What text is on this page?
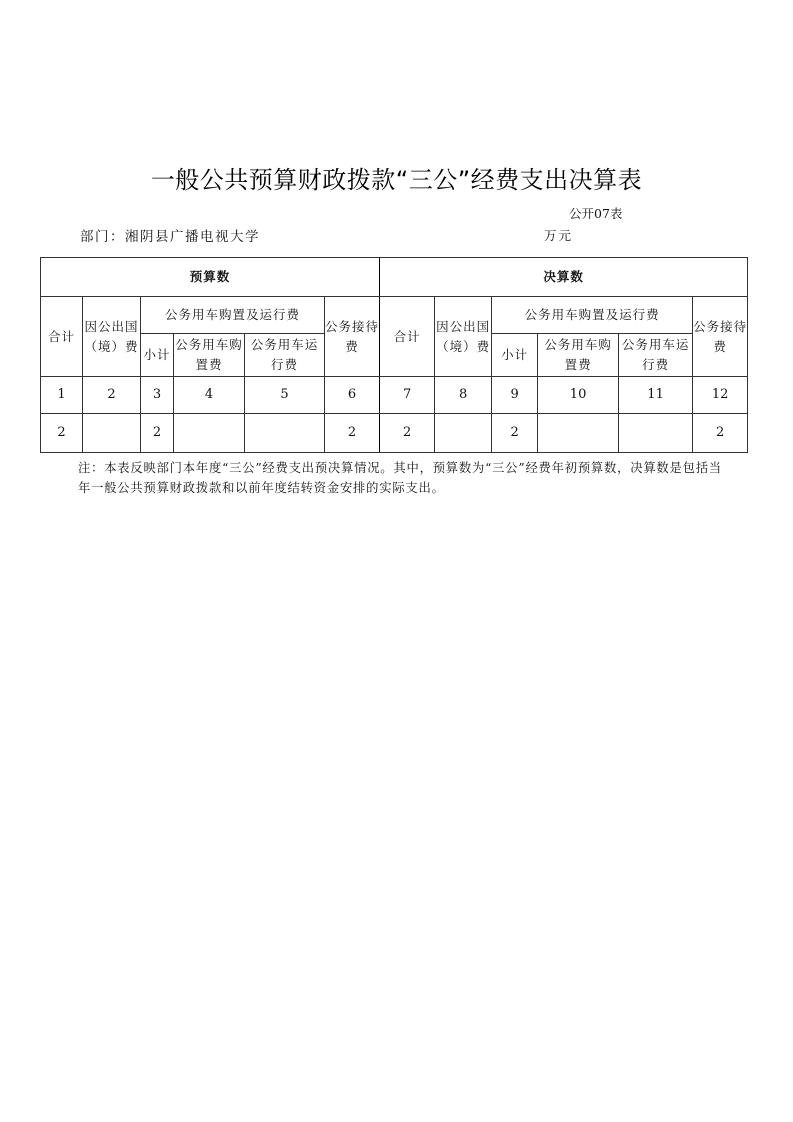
一般公共预算财政拨款“三公”经费支出决算表
公开07表
部门：湘阴县广播电视大学	万元
预算数						决算数					
合计	因公出国（境）费	公务用车购置及运行费			公务接待费	合计	因公出国（境）费	公务用车购置及运行费			公务接待费
		小计	公务用车购置费	公务用车运行费				小计	公务用车购置费	公务用车运行费	
1	2	3	4	5	6	7	8	9	10	11	12
2		2			2	2		2			2
注：本表反映部门本年度“三公”经费支出预决算情况。其中，预算数为“三公”经费年初预算数，决算数是包括当年一般公共预算财政拨款和以前年度结转资金安排的实际支出。
